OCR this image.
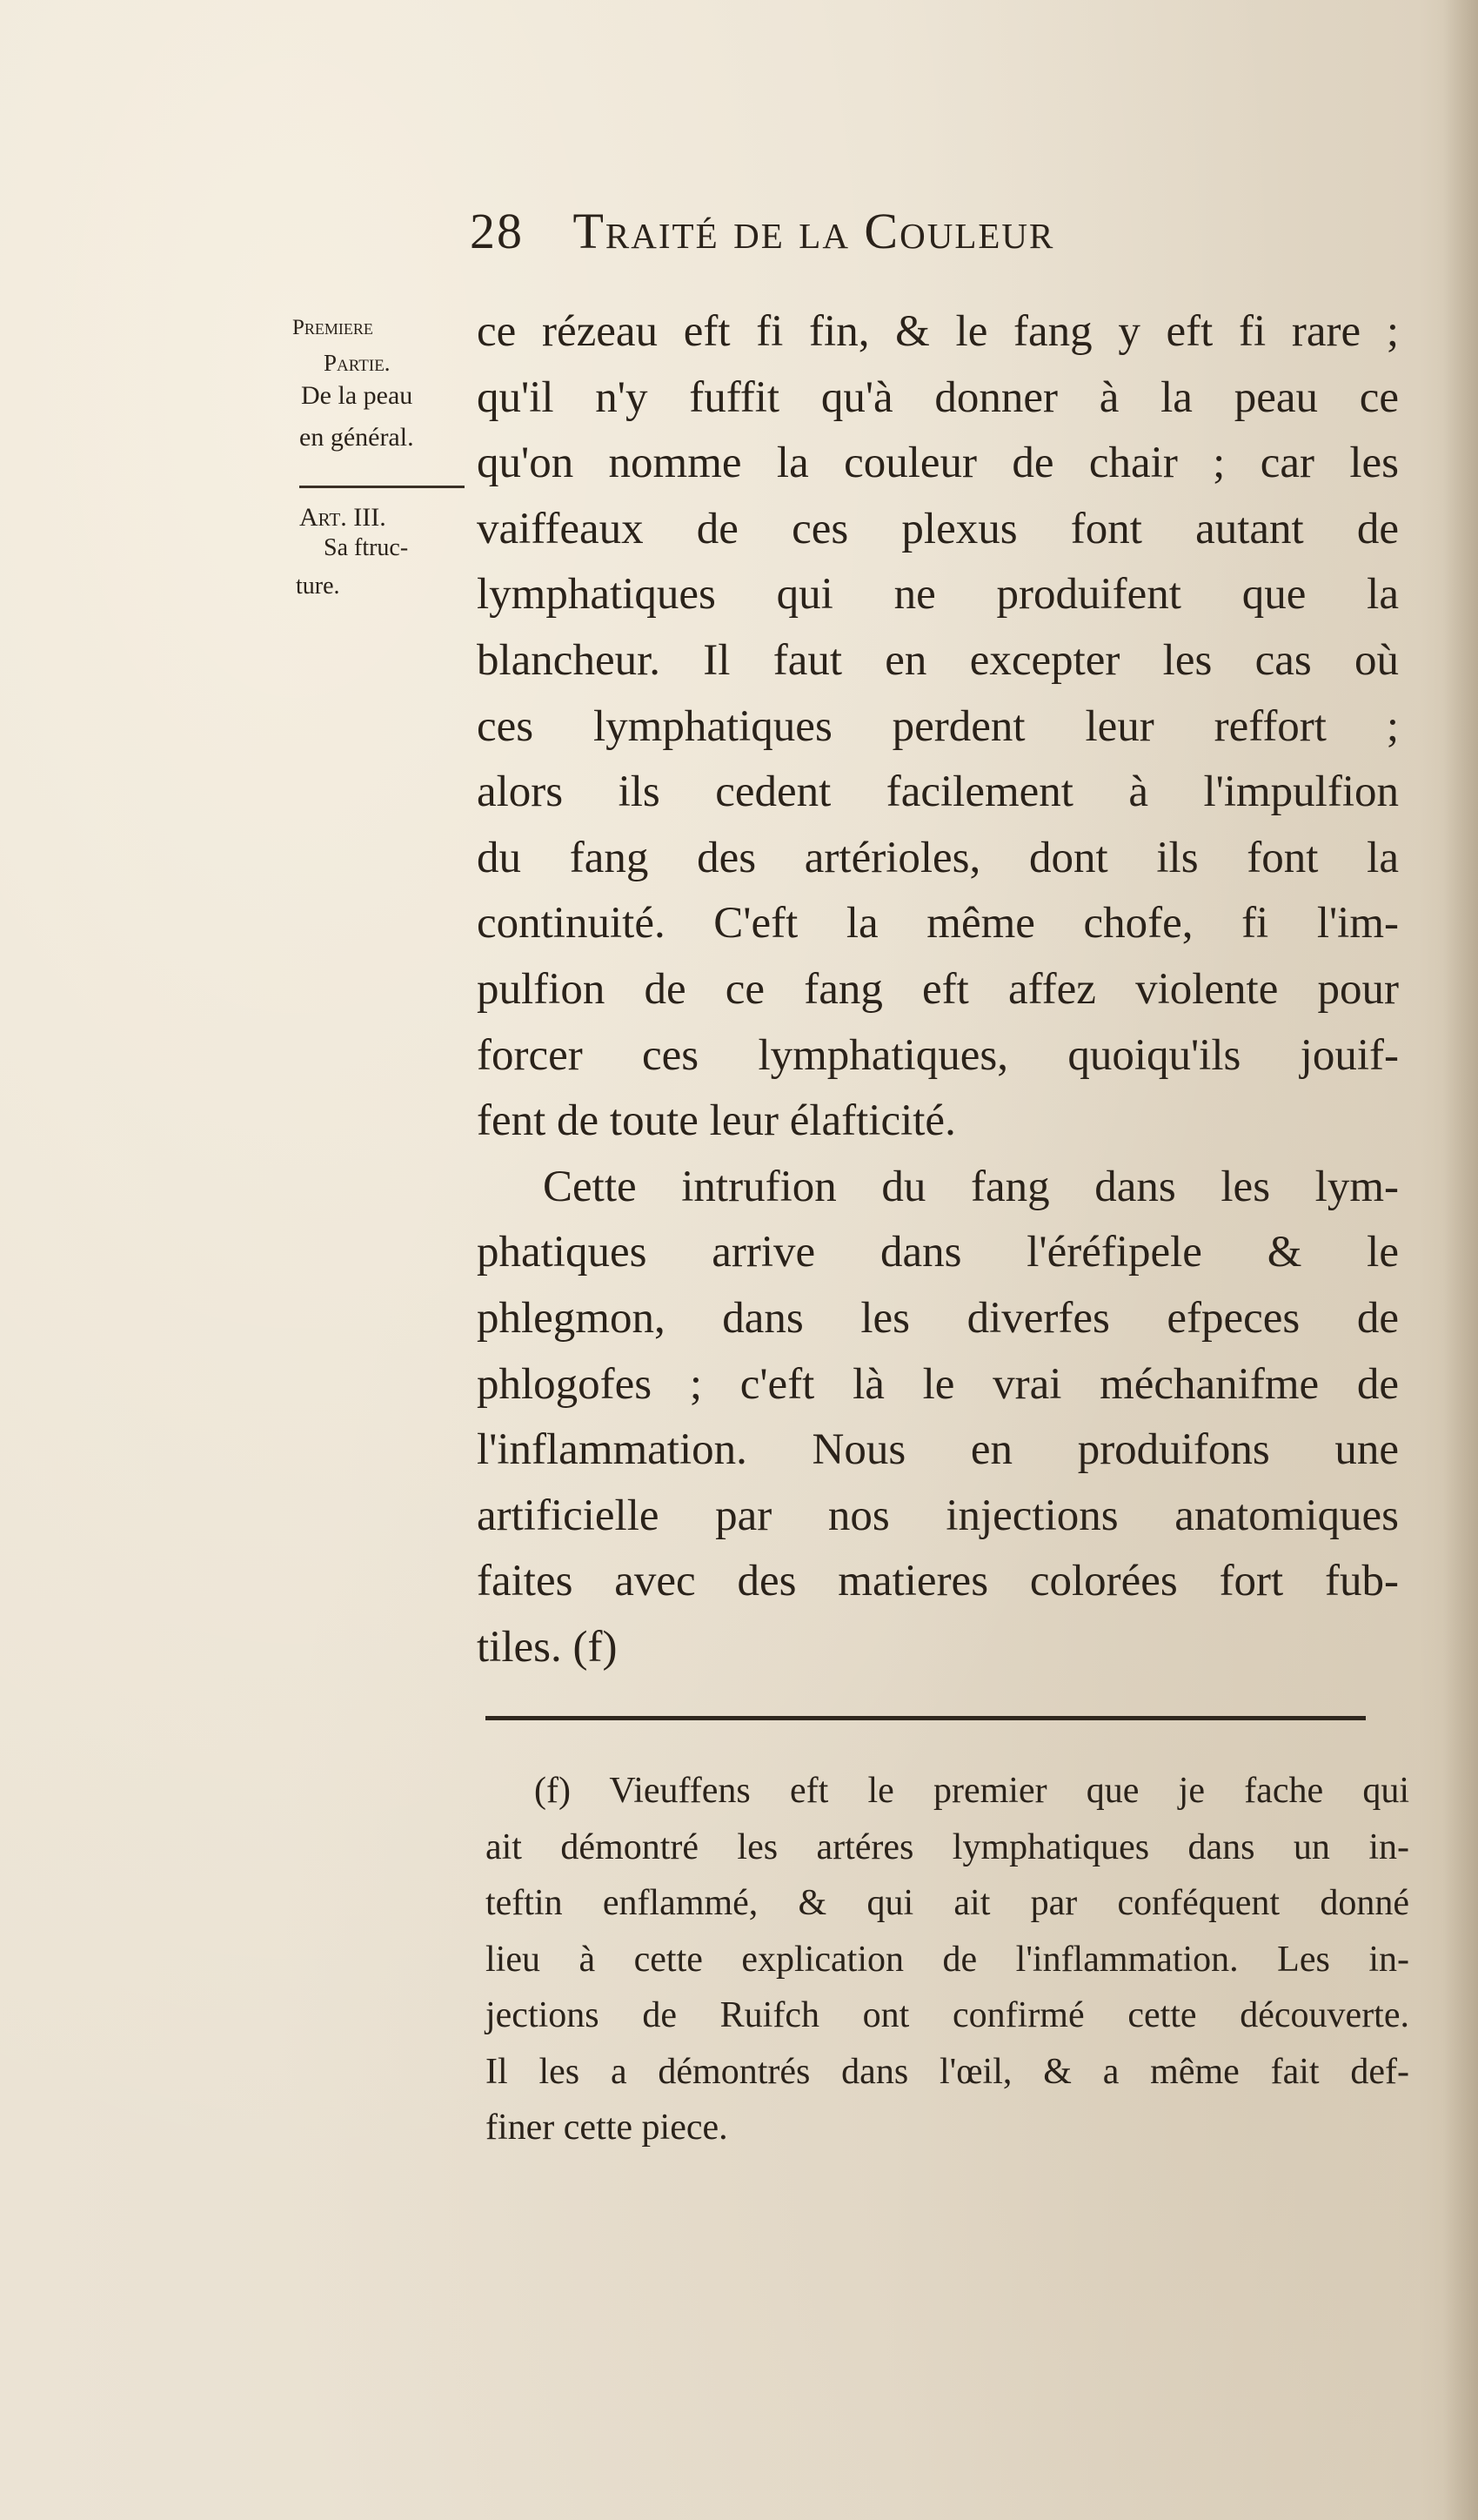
28 Traité de la Couleur
Premiere
Partie.
De la peau
en général.
Art. III.
Sa ftruc-
ture.
ce rézeau eft fi fin, & le fang y eft fi rare ;
qu'il n'y fuffit qu'à donner à la peau ce
qu'on nomme la couleur de chair ; car les
vaiffeaux de ces plexus font autant de
lymphatiques qui ne produifent que la
blancheur. Il faut en excepter les cas où
ces lymphatiques perdent leur reffort ;
alors ils cedent facilement à l'impulfion
du fang des artérioles, dont ils font la
continuité. C'eft la même chofe, fi l'im-
pulfion de ce fang eft affez violente pour
forcer ces lymphatiques, quoiqu'ils jouif-
fent de toute leur élafticité.
Cette intrufion du fang dans les lym-
phatiques arrive dans l'éréfipele & le
phlegmon, dans les diverfes efpeces de
phlogofes ; c'eft là le vrai méchanifme de
l'inflammation. Nous en produifons une
artificielle par nos injections anatomiques
faites avec des matieres colorées fort fub-
tiles. (f)
(f) Vieuffens eft le premier que je fache qui
ait démontré les artéres lymphatiques dans un in-
teftin enflammé, & qui ait par conféquent donné
lieu à cette explication de l'inflammation. Les in-
jections de Ruifch ont confirmé cette découverte.
Il les a démontrés dans l'œil, & a même fait def-
finer cette piece.
